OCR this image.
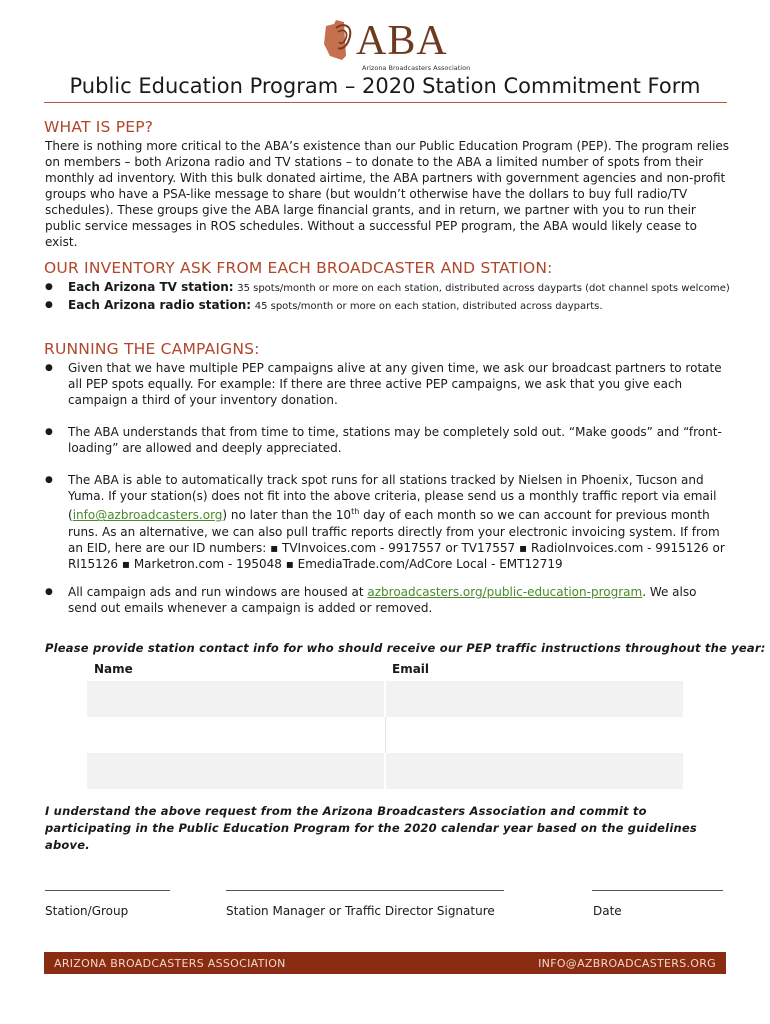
ABA
Arizona Broadcasters Association
Public Education Program – 2020 Station Commitment Form
WHAT IS PEP?
There is nothing more critical to the ABA’s existence than our Public Education Program (PEP). The program relies on members – both Arizona radio and TV stations – to donate to the ABA a limited number of spots from their monthly ad inventory. With this bulk donated airtime, the ABA partners with government agencies and non-profit groups who have a PSA-like message to share (but wouldn’t otherwise have the dollars to buy full radio/TV schedules). These groups give the ABA large financial grants, and in return, we partner with you to run their public service messages in ROS schedules. Without a successful PEP program, the ABA would likely cease to exist.
OUR INVENTORY ASK FROM EACH BROADCASTER AND STATION:
● Each Arizona TV station: 35 spots/month or more on each station, distributed across dayparts (dot channel spots welcome)
● Each Arizona radio station: 45 spots/month or more on each station, distributed across dayparts.
RUNNING THE CAMPAIGNS:
● Given that we have multiple PEP campaigns alive at any given time, we ask our broadcast partners to rotate all PEP spots equally. For example: If there are three active PEP campaigns, we ask that you give each campaign a third of your inventory donation.
● The ABA understands that from time to time, stations may be completely sold out. “Make goods” and “front-loading” are allowed and deeply appreciated.
● The ABA is able to automatically track spot runs for all stations tracked by Nielsen in Phoenix, Tucson and Yuma. If your station(s) does not fit into the above criteria, please send us a monthly traffic report via email (info@azbroadcasters.org) no later than the 10th day of each month so we can account for previous month runs. As an alternative, we can also pull traffic reports directly from your electronic invoicing system. If from an EID, here are our ID numbers: ▪ TVInvoices.com - 9917557 or TV17557 ▪ RadioInvoices.com - 9915126 or RI15126 ▪ Marketron.com - 195048 ▪ EmediaTrade.com/AdCore Local - EMT12719
● All campaign ads and run windows are housed at azbroadcasters.org/public-education-program. We also send out emails whenever a campaign is added or removed.
Please provide station contact info for who should receive our PEP traffic instructions throughout the year:
Name	Email
I understand the above request from the Arizona Broadcasters Association and commit to participating in the Public Education Program for the 2020 calendar year based on the guidelines above.
Station/Group	Station Manager or Traffic Director Signature	Date
ARIZONA BROADCASTERS ASSOCIATION	INFO@AZBROADCASTERS.ORG
